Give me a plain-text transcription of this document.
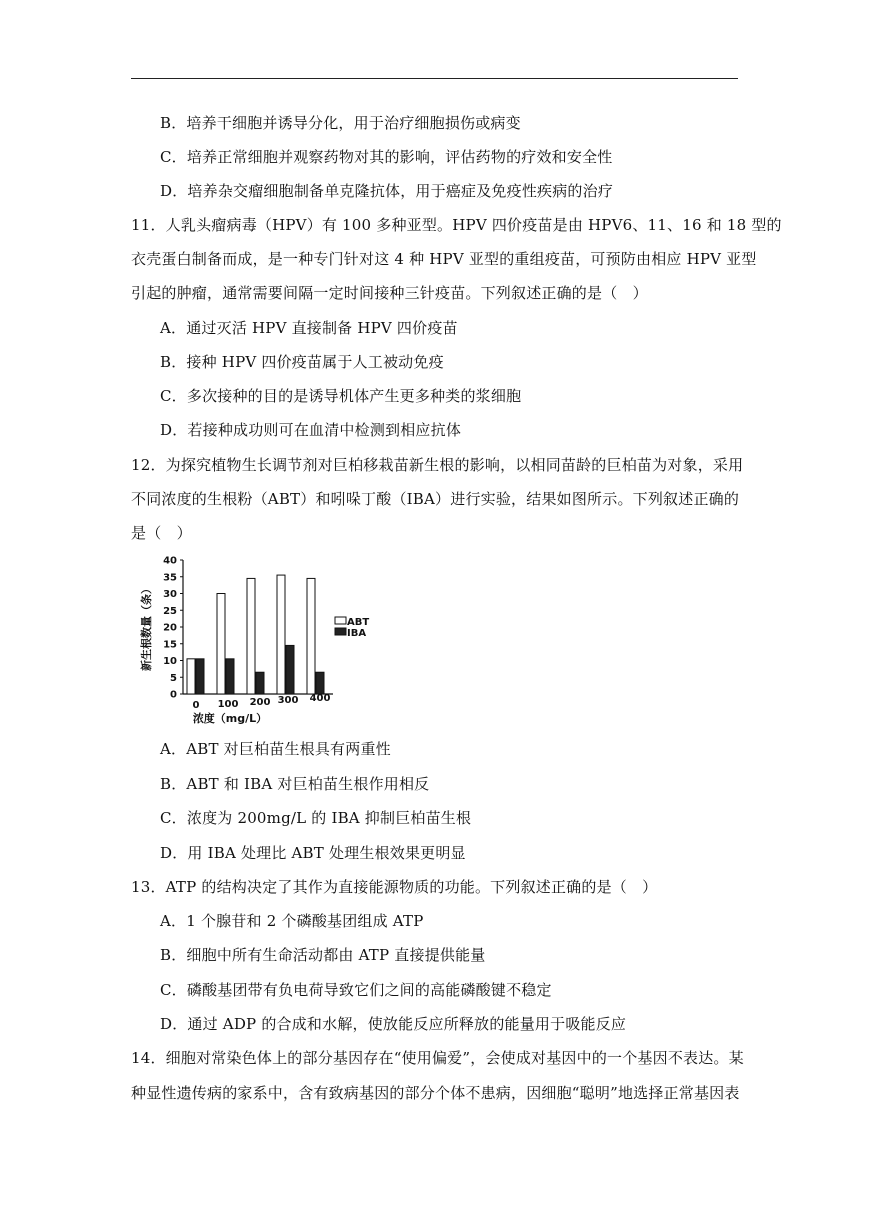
B．培养干细胞并诱导分化，用于治疗细胞损伤或病变
C．培养正常细胞并观察药物对其的影响，评估药物的疗效和安全性
D．培养杂交瘤细胞制备单克隆抗体，用于癌症及免疫性疾病的治疗
11．人乳头瘤病毒（HPV）有 100 多种亚型。HPV 四价疫苗是由 HPV6、11、16 和 18 型的
衣壳蛋白制备而成，是一种专门针对这 4 种 HPV 亚型的重组疫苗，可预防由相应 HPV 亚型
引起的肿瘤，通常需要间隔一定时间接种三针疫苗。下列叙述正确的是（　）
A．通过灭活 HPV 直接制备 HPV 四价疫苗
B．接种 HPV 四价疫苗属于人工被动免疫
C．多次接种的目的是诱导机体产生更多种类的浆细胞
D．若接种成功则可在血清中检测到相应抗体
12．为探究植物生长调节剂对巨柏移栽苗新生根的影响，以相同苗龄的巨柏苗为对象，采用
不同浓度的生根粉（ABT）和吲哚丁酸（IBA）进行实验，结果如图所示。下列叙述正确的
是（　）
0
5
10
15
20
25
30
35
40
新生根数量（条）
0 100 200 300 400
浓度（mg/L）
ABT
IBA
A．ABT 对巨柏苗生根具有两重性
B．ABT 和 IBA 对巨柏苗生根作用相反
C．浓度为 200mg/L 的 IBA 抑制巨柏苗生根
D．用 IBA 处理比 ABT 处理生根效果更明显
13．ATP 的结构决定了其作为直接能源物质的功能。下列叙述正确的是（　）
A．1 个腺苷和 2 个磷酸基团组成 ATP
B．细胞中所有生命活动都由 ATP 直接提供能量
C．磷酸基团带有负电荷导致它们之间的高能磷酸键不稳定
D．通过 ADP 的合成和水解，使放能反应所释放的能量用于吸能反应
14．细胞对常染色体上的部分基因存在“使用偏爱”，会使成对基因中的一个基因不表达。某
种显性遗传病的家系中，含有致病基因的部分个体不患病，因细胞“聪明”地选择正常基因表
